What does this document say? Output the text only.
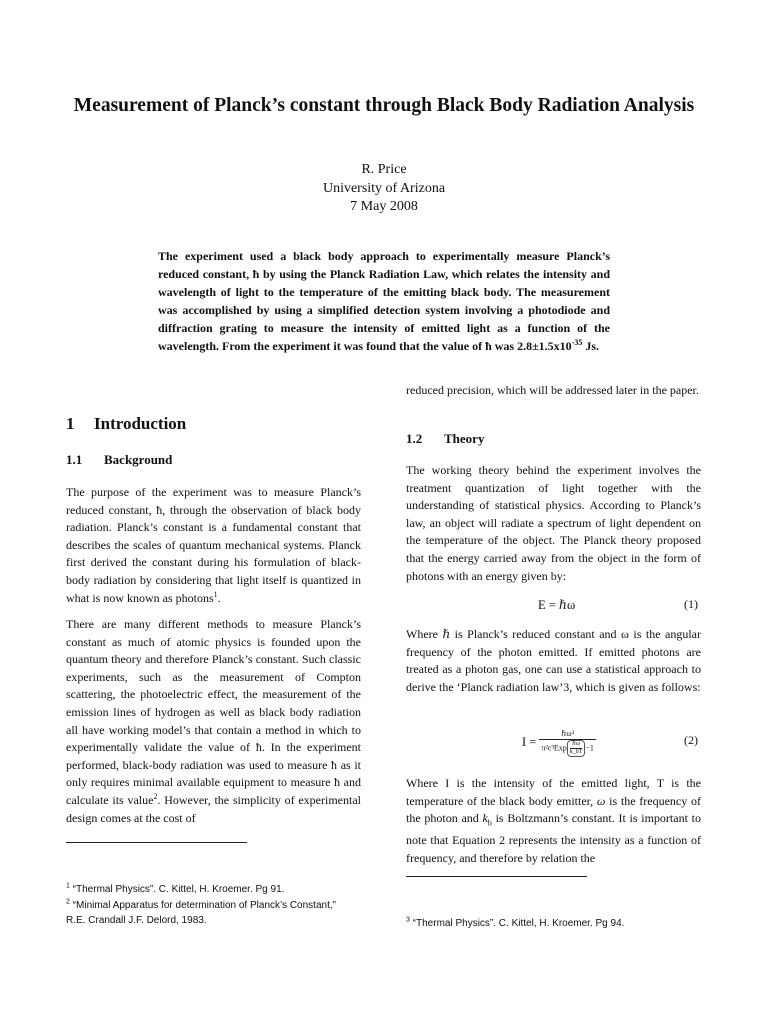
Measurement of Planck’s constant through Black Body Radiation Analysis
R. Price
University of Arizona
7 May 2008
The experiment used a black body approach to experimentally measure Planck’s reduced constant, ħ by using the Planck Radiation Law, which relates the intensity and wavelength of light to the temperature of the emitting black body. The measurement was accomplished by using a simplified detection system involving a photodiode and diffraction grating to measure the intensity of emitted light as a function of the wavelength. From the experiment it was found that the value of ħ was $2.8\pm 1.5x10^{-35}$ Js.
1 Introduction
1.1 Background

The purpose of the experiment was to measure Planck’s reduced constant, ħ, through the observation of black body radiation. Planck’s constant is a fundamental constant that describes the scales of quantum mechanical systems. Planck first derived the constant during his formulation of black-body radiation by considering that light itself is quantized in what is now known as photons$^1$.

There are many different methods to measure Planck’s constant as much of atomic physics is founded upon the quantum theory and therefore Planck’s constant. Such classic experiments, such as the measurement of Compton scattering, the photoelectric effect, the measurement of the emission lines of hydrogen as well as black body radiation all have working model’s that contain a method in which to experimentally validate the value of ħ. In the experiment performed, black-body radiation was used to measure ħ as it only requires minimal available equipment to measure ħ and calculate its value$^2$. However, the simplicity of experimental design comes at the cost of

$^1$ “Thermal Physics”. C. Kittel, H. Kroemer. Pg 91.
$^2$ “Minimal Apparatus for determination of Planck’s Constant,” R.E. Crandall J.F. Delord, 1983.

reduced precision, which will be addressed later in the paper.

1.2 Theory

The working theory behind the experiment involves the treatment quantization of light together with the understanding of statistical physics. According to Planck’s law, an object will radiate a spectrum of light dependent on the temperature of the object. The Planck theory proposed that the energy carried away from the object in the form of photons with an energy given by:

E = ℏω	(1)

Where ℏ is Planck’s reduced constant and ω is the angular frequency of the photon emitted. If emitted photons are treated as a photon gas, one can use a statistical approach to derive the ‘Planck radiation law’3, which is given as follows:

I = ℏω³
π²c³Exp ℏω
k_bT −1	(2)

Where I is the intensity of the emitted light, T is the temperature of the black body emitter, ω is the frequency of the photon and $k_b$ is Boltzmann’s constant. It is important to note that Equation 2 represents the intensity as a function of frequency, and therefore by relation the

$^3$ “Thermal Physics”. C. Kittel, H. Kroemer. Pg 94.
